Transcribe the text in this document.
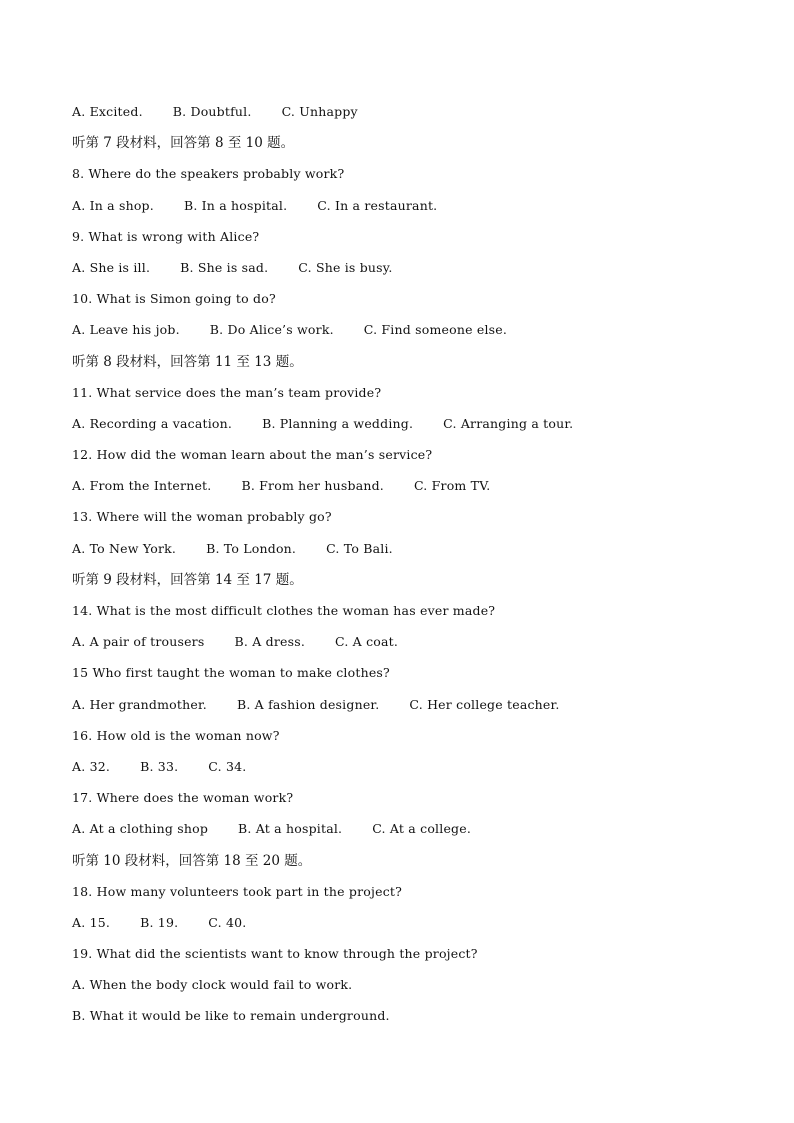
A. Excited. B. Doubtful. C. Unhappy
听第 7 段材料，回答第 8 至 10 题。
8. Where do the speakers probably work?
A. In a shop. B. In a hospital. C. In a restaurant.
9. What is wrong with Alice?
A. She is ill. B. She is sad. C. She is busy.
10. What is Simon going to do?
A. Leave his job. B. Do Alice’s work. C. Find someone else.
听第 8 段材料，回答第 11 至 13 题。
11. What service does the man’s team provide?
A. Recording a vacation. B. Planning a wedding. C. Arranging a tour.
12. How did the woman learn about the man’s service?
A. From the Internet. B. From her husband. C. From TV.
13. Where will the woman probably go?
A. To New York. B. To London. C. To Bali.
听第 9 段材料，回答第 14 至 17 题。
14. What is the most difficult clothes the woman has ever made?
A. A pair of trousers B. A dress. C. A coat.
15 Who first taught the woman to make clothes?
A. Her grandmother. B. A fashion designer. C. Her college teacher.
16. How old is the woman now?
A. 32. B. 33. C. 34.
17. Where does the woman work?
A. At a clothing shop B. At a hospital. C. At a college.
听第 10 段材料，回答第 18 至 20 题。
18. How many volunteers took part in the project?
A. 15. B. 19. C. 40.
19. What did the scientists want to know through the project?
A. When the body clock would fail to work.
B. What it would be like to remain underground.
